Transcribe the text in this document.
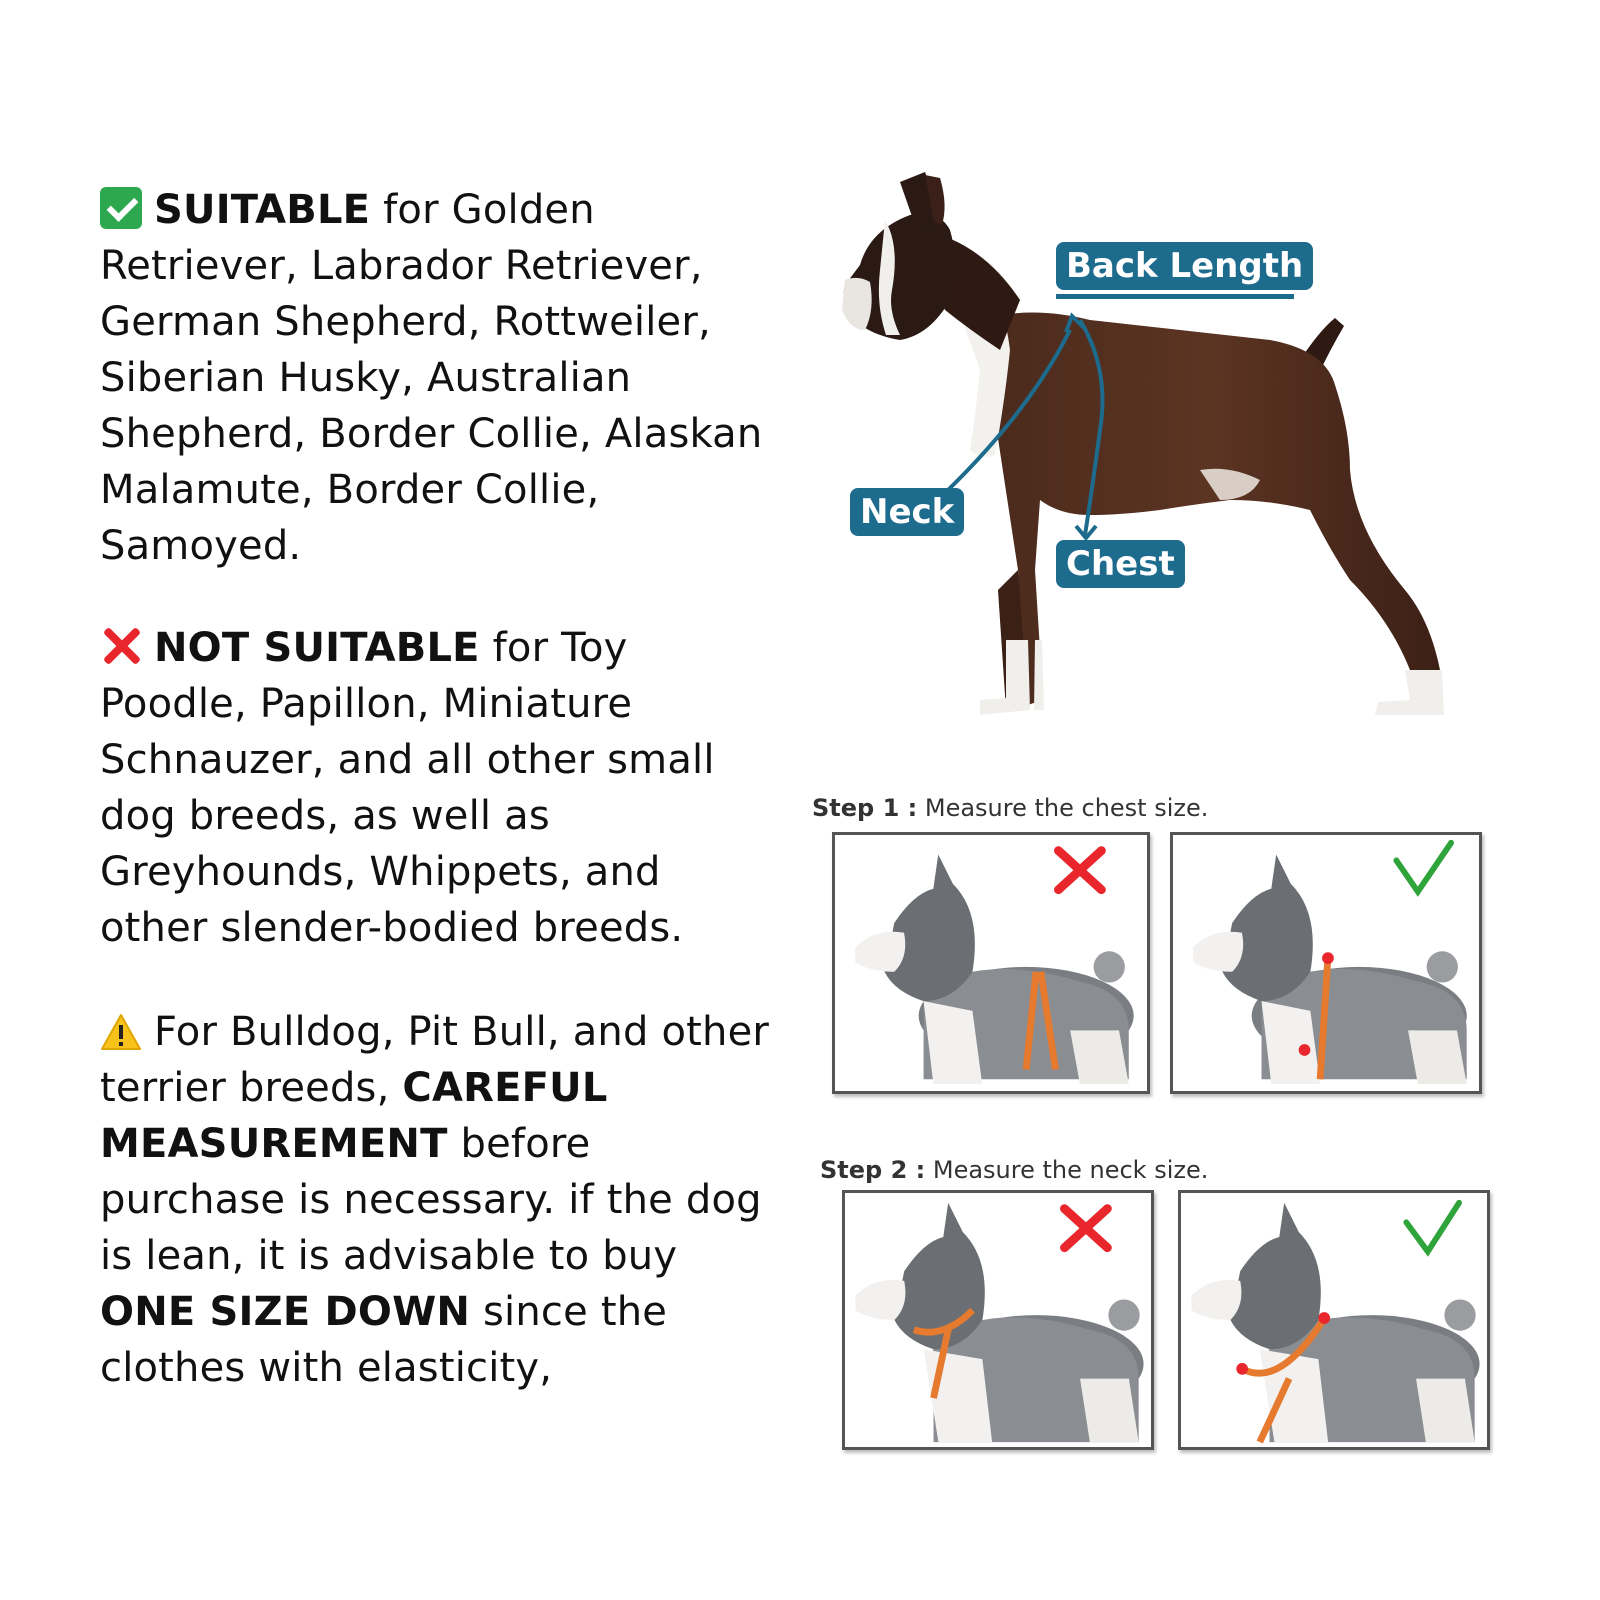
SUITABLE for Golden Retriever, Labrador Retriever, German Shepherd, Rottweiler, Siberian Husky, Australian Shepherd, Border Collie, Alaskan Malamute, Border Collie, Samoyed.
NOT SUITABLE for Toy Poodle, Papillon, Miniature Schnauzer, and all other small dog breeds, as well as Greyhounds, Whippets, and other slender-bodied breeds.
For Bulldog, Pit Bull, and other terrier breeds, CAREFUL MEASUREMENT before purchase is necessary. if the dog is lean, it is advisable to buy ONE SIZE DOWN since the clothes with elasticity,
Back Length
Neck
Chest
Step 1 : Measure the chest size.
Step 2 : Measure the neck size.
